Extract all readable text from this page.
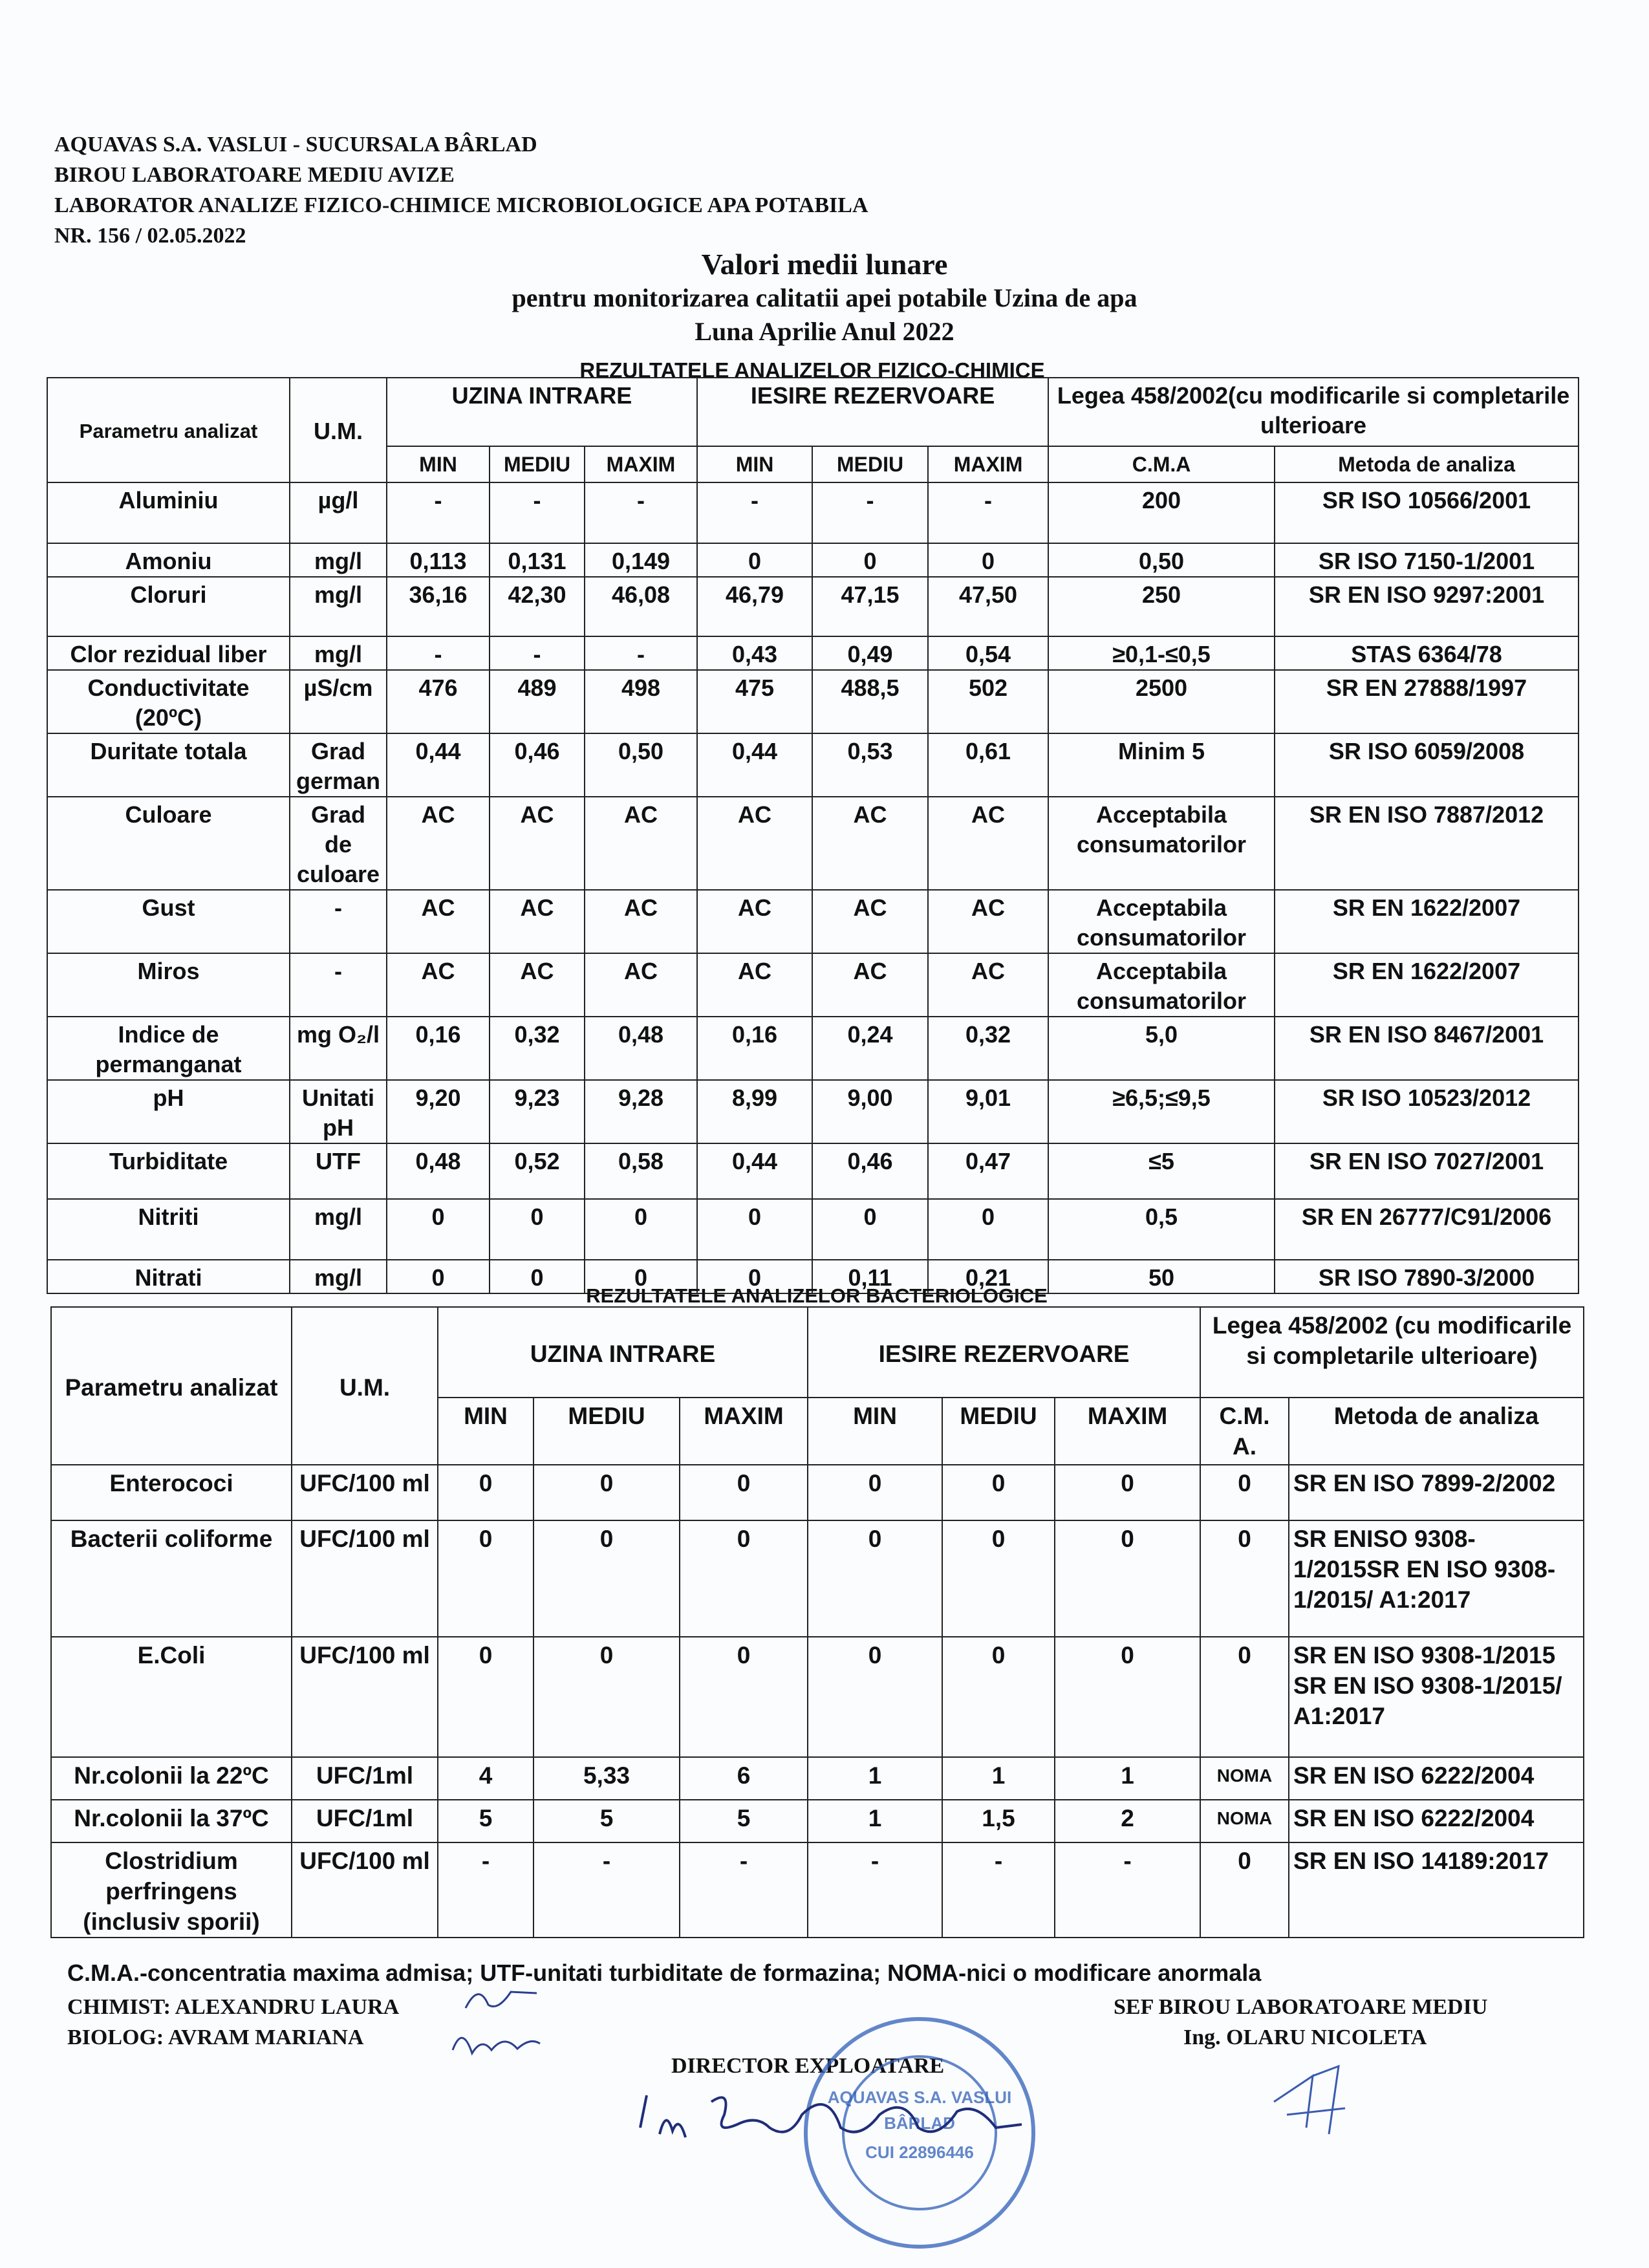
AQUAVAS S.A. VASLUI - SUCURSALA BÂRLAD
BIROU LABORATOARE MEDIU AVIZE
LABORATOR ANALIZE FIZICO-CHIMICE MICROBIOLOGICE APA POTABILA
NR. 156 / 02.05.2022
Valori medii lunare
pentru monitorizarea calitatii apei potabile Uzina de apa
Luna Aprilie Anul 2022
REZULTATELE ANALIZELOR FIZICO-CHIMICE
Parametru analizat	U.M.	UZINA INTRARE			IESIRE REZERVOARE			Legea 458/2002(cu modificarile si completarile ulterioare	
		MIN	MEDIU	MAXIM	MIN	MEDIU	MAXIM	C.M.A	Metoda de analiza
Aluminiu	µg/l	-	-	-	-	-	-	200	SR ISO 10566/2001
Amoniu	mg/l	0,113	0,131	0,149	0	0	0	0,50	SR ISO 7150-1/2001
Cloruri	mg/l	36,16	42,30	46,08	46,79	47,15	47,50	250	SR EN ISO 9297:2001
Clor rezidual liber	mg/l	-	-	-	0,43	0,49	0,54	≥0,1-≤0,5	STAS 6364/78
Conductivitate (20ºC)	µS/cm	476	489	498	475	488,5	502	2500	SR EN 27888/1997
Duritate totala	Grad german	0,44	0,46	0,50	0,44	0,53	0,61	Minim 5	SR ISO 6059/2008
Culoare	Grad de culoare	AC	AC	AC	AC	AC	AC	Acceptabila consumatorilor	SR EN ISO 7887/2012
Gust	-	AC	AC	AC	AC	AC	AC	Acceptabila consumatorilor	SR EN 1622/2007
Miros	-	AC	AC	AC	AC	AC	AC	Acceptabila consumatorilor	SR EN 1622/2007
Indice de permanganat	mg O₂/l	0,16	0,32	0,48	0,16	0,24	0,32	5,0	SR EN ISO 8467/2001
pH	Unitati pH	9,20	9,23	9,28	8,99	9,00	9,01	≥6,5;≤9,5	SR ISO 10523/2012
Turbiditate	UTF	0,48	0,52	0,58	0,44	0,46	0,47	≤5	SR EN ISO 7027/2001
Nitriti	mg/l	0	0	0	0	0	0	0,5	SR EN 26777/C91/2006
Nitrati	mg/l	0	0	0	0	0,11	0,21	50	SR ISO 7890-3/2000
REZULTATELE ANALIZELOR BACTERIOLOGICE
Parametru analizat	U.M.	UZINA INTRARE			IESIRE REZERVOARE			Legea 458/2002 (cu modificarile si completarile ulterioare)	
		MIN	MEDIU	MAXIM	MIN	MEDIU	MAXIM	C.M. A.	Metoda de analiza
Enterococi	UFC/100 ml	0	0	0	0	0	0	0	SR EN ISO 7899-2/2002
Bacterii coliforme	UFC/100 ml	0	0	0	0	0	0	0	SR ENISO 9308-1/2015SR EN ISO 9308-1/2015/ A1:2017
E.Coli	UFC/100 ml	0	0	0	0	0	0	0	SR EN ISO 9308-1/2015 SR EN ISO 9308-1/2015/ A1:2017
Nr.colonii la 22ºC	UFC/1ml	4	5,33	6	1	1	1	NOMA	SR EN ISO 6222/2004
Nr.colonii la 37ºC	UFC/1ml	5	5	5	1	1,5	2	NOMA	SR EN ISO 6222/2004
Clostridium perfringens (inclusiv sporii)	UFC/100 ml	-	-	-	-	-	-	0	SR EN ISO 14189:2017
C.M.A.-concentratia maxima admisa; UTF-unitati turbiditate de formazina; NOMA-nici o modificare anormala
CHIMIST: ALEXANDRU LAURA
BIOLOG: AVRAM MARIANA
SEF BIROU LABORATOARE MEDIU
Ing. OLARU NICOLETA
DIRECTOR EXPLOATARE
AQUAVAS S.A. VASLUI
BÂRLAD
CUI 22896446
